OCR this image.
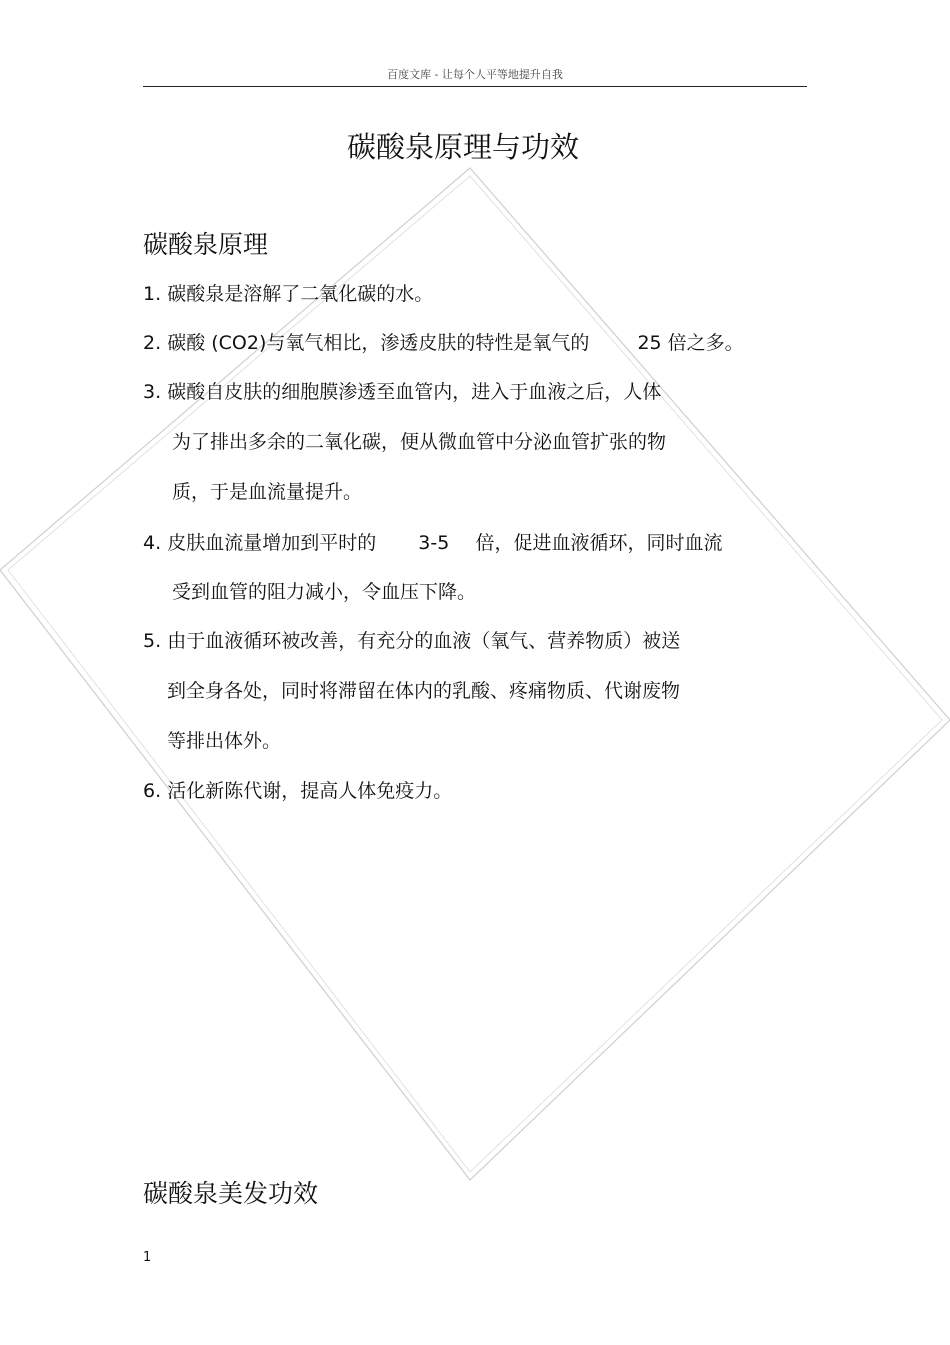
百度文库 - 让每个人平等地提升自我
碳酸泉原理与功效
碳酸泉原理
1. 碳酸泉是溶解了二氧化碳的水。
2. 碳酸 (CO2)与氧气相比，渗透皮肤的特性是氧气的	25 倍之多。
3. 碳酸自皮肤的细胞膜渗透至血管内，进入于血液之后，人体
为了排出多余的二氧化碳，便从微血管中分泌血管扩张的物
质，于是血流量提升。
4. 皮肤血流量增加到平时的 3-5 倍，促进血液循环，同时血流
受到血管的阻力减小，令血压下降。
5. 由于血液循环被改善，有充分的血液（氧气、营养物质）被送
到全身各处，同时将滞留在体内的乳酸、疼痛物质、代谢废物
等排出体外。
6. 活化新陈代谢，提高人体免疫力。
碳酸泉美发功效
1
